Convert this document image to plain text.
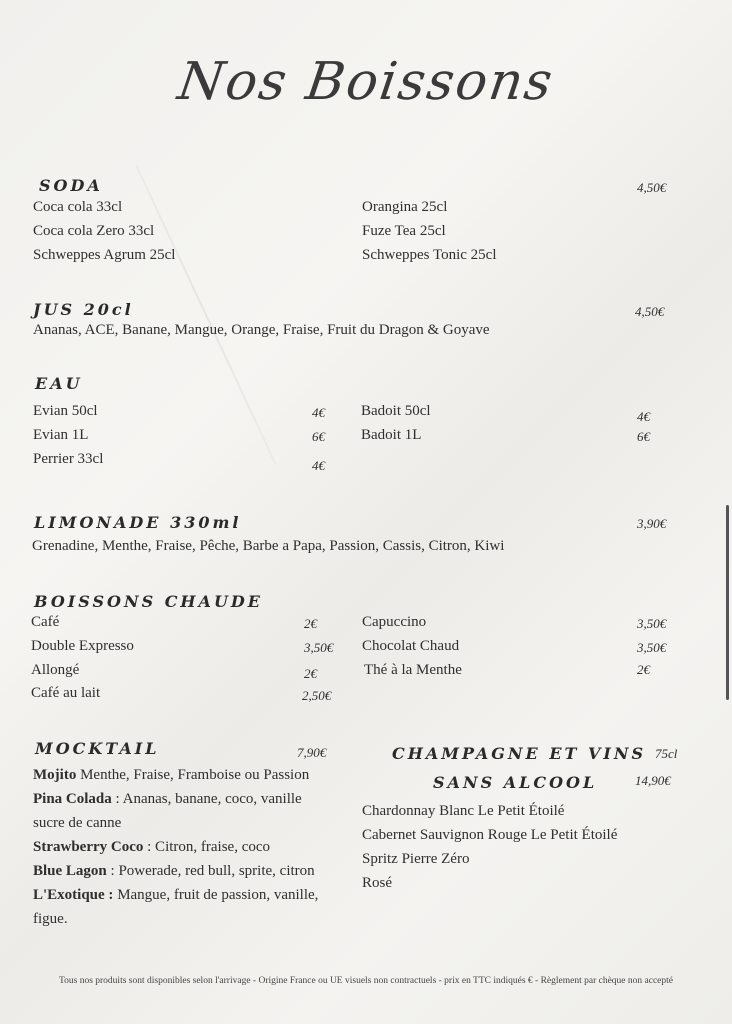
Nos Boissons
SODA	4,50€
Coca cola 33cl
Coca cola Zero 33cl
Schweppes Agrum 25cl
Orangina 25cl
Fuze Tea 25cl
Schweppes Tonic 25cl
JUS 20cl	4,50€
Ananas, ACE, Banane, Mangue, Orange, Fraise, Fruit du Dragon & Goyave
EAU
Evian 50cl	4€
Evian 1L	6€
Perrier 33cl	4€
Badoit 50cl	4€
Badoit 1L	6€
LIMONADE 330ml	3,90€
Grenadine, Menthe, Fraise, Pêche, Barbe a Papa, Passion, Cassis, Citron, Kiwi
BOISSONS CHAUDE
Café	2€
Double Expresso	3,50€
Allongé	2€
Café au lait	2,50€
Capuccino	3,50€
Chocolat Chaud	3,50€
Thé à la Menthe	2€
MOCKTAIL	7,90€
Mojito Menthe, Fraise, Framboise ou Passion
Pina Colada : Ananas, banane, coco, vanille
sucre de canne
Strawberry Coco : Citron, fraise, coco
Blue Lagon : Powerade, red bull, sprite, citron
L'Exotique : Mangue, fruit de passion, vanille,
figue.
CHAMPAGNE ET VINS
SANS ALCOOL
75cl
14,90€
Chardonnay Blanc Le Petit Étoilé
Cabernet Sauvignon Rouge Le Petit Étoilé
Spritz Pierre Zéro
Rosé
Tous nos produits sont disponibles selon l'arrivage - Origine France ou UE visuels non contractuels - prix en TTC indiqués € - Règlement par chèque non accepté
